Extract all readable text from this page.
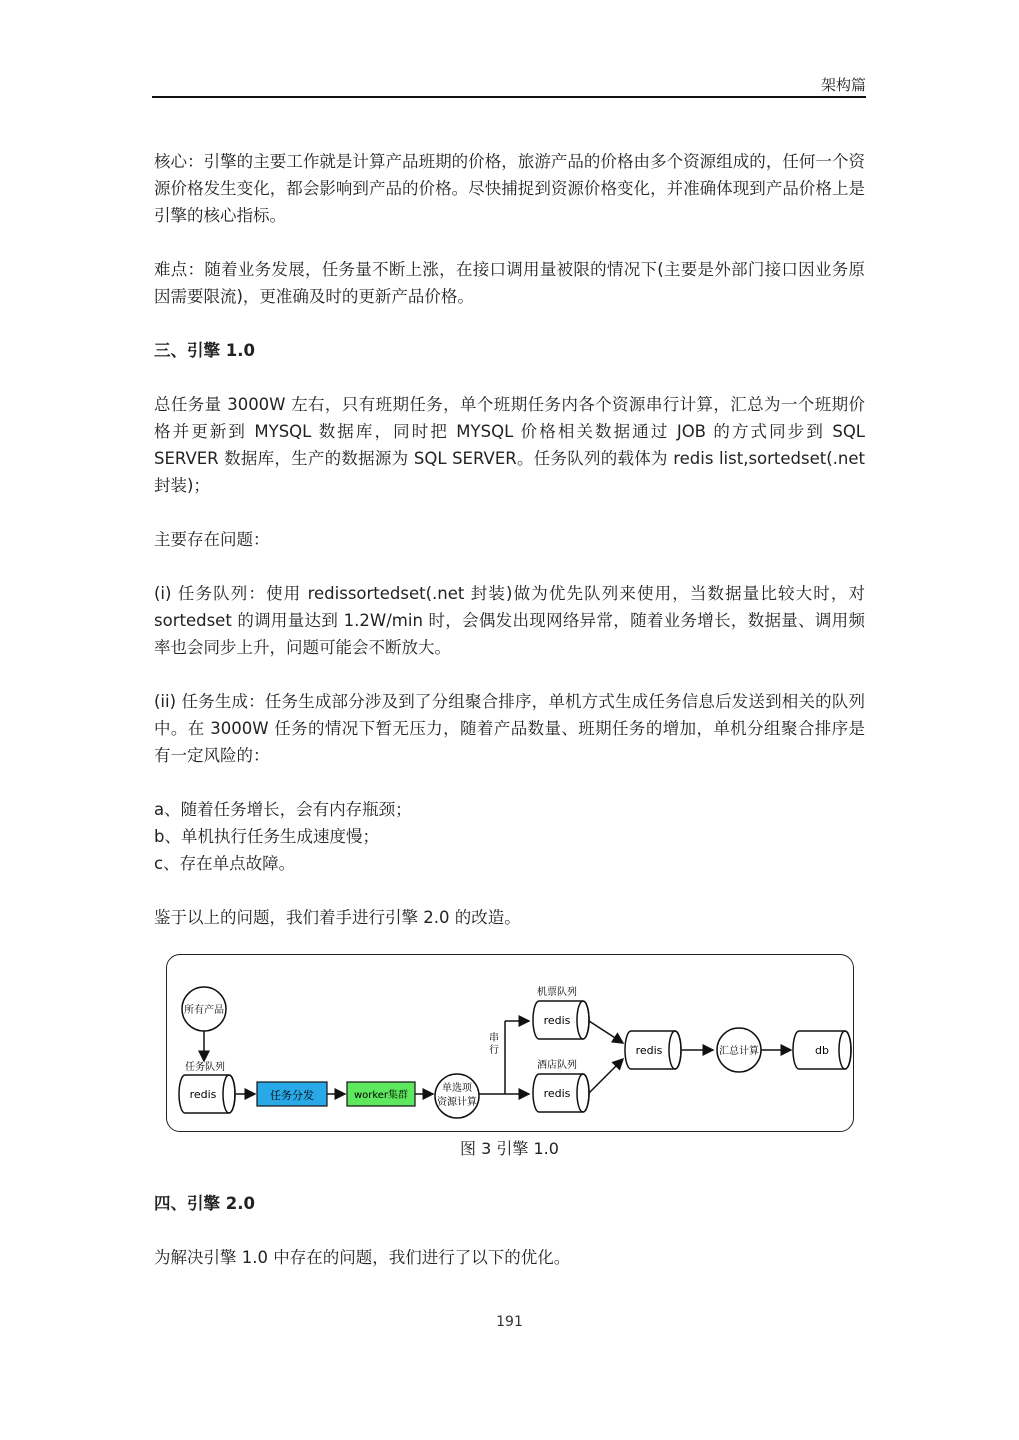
架构篇

核心：引擎的主要工作就是计算产品班期的价格，旅游产品的价格由多个资源组成的，任何一个资源价格发生变化，都会影响到产品的价格。尽快捕捉到资源价格变化，并准确体现到产品价格上是引擎的核心指标。

难点：随着业务发展，任务量不断上涨，在接口调用量被限的情况下(主要是外部门接口因业务原因需要限流)，更准确及时的更新产品价格。

三、引擎 1.0

总任务量 3000W 左右，只有班期任务，单个班期任务内各个资源串行计算，汇总为一个班期价格并更新到 MYSQL 数据库，同时把 MYSQL 价格相关数据通过 JOB 的方式同步到 SQL SERVER 数据库，生产的数据源为 SQL SERVER。任务队列的载体为 redis list,sortedset(.net 封装)；

主要存在问题：

(i) 任务队列：使用 redissortedset(.net 封装)做为优先队列来使用，当数据量比较大时，对 sortedset 的调用量达到 1.2W/min 时，会偶发出现网络异常，随着业务增长，数据量、调用频率也会同步上升，问题可能会不断放大。

(ii) 任务生成：任务生成部分涉及到了分组聚合排序，单机方式生成任务信息后发送到相关的队列中。在 3000W 任务的情况下暂无压力，随着产品数量、班期任务的增加，单机分组聚合排序是有一定风险的：

a、随着任务增长，会有内存瓶颈；

b、单机执行任务生成速度慢；

c、存在单点故障。

鉴于以上的问题，我们着手进行引擎 2.0 的改造。

所有产品
任务队列
redis	任务分发	worker集群
单选项
资源计算
串
行
机票队列
redis
酒店队列
redis
redis	汇总计算	db
图 3 引擎 1.0

四、引擎 2.0

为解决引擎 1.0 中存在的问题，我们进行了以下的优化。

191
